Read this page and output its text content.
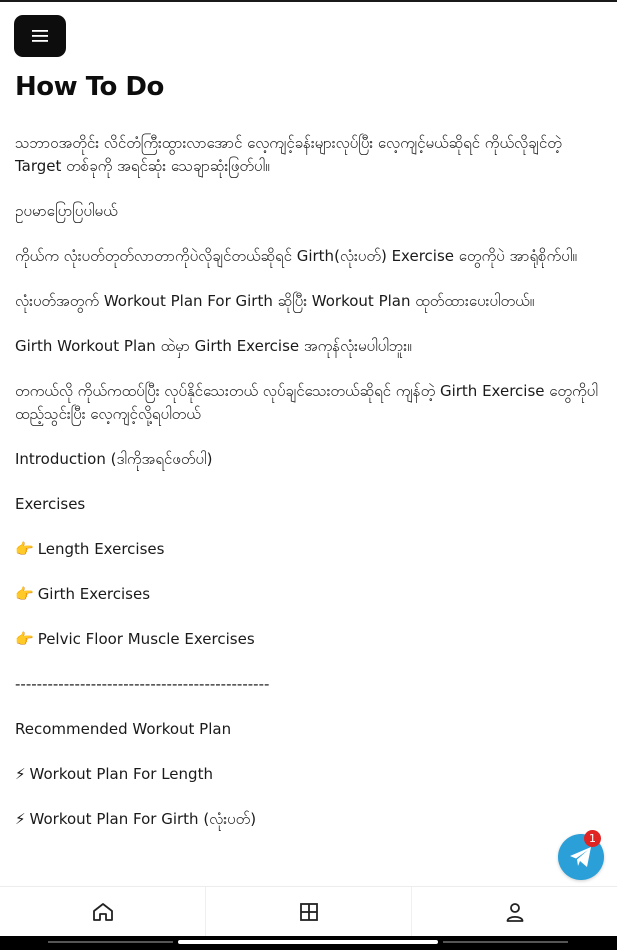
How To Do

သဘာဝအတိုင်း လိင်တံကြီးထွားလာအောင် လေ့ကျင့်ခန်းများလုပ်ပြီး လေ့ကျင့်မယ်ဆိုရင် ကိုယ်လိုချင်တဲ့ Target တစ်ခုကို အရင်ဆုံး သေချာဆုံးဖြတ်ပါ။

ဥပမာပြောပြပါမယ်

ကိုယ်က လုံးပတ်တုတ်လာတာကိုပဲလိုချင်တယ်ဆိုရင် Girth(လုံးပတ်) Exercise တွေကိုပဲ အာရုံစိုက်ပါ။

လုံးပတ်အတွက် Workout Plan For Girth ဆိုပြီး Workout Plan ထုတ်ထားပေးပါတယ်။

Girth Workout Plan ထဲမှာ Girth Exercise အကုန်လုံးမပါပါဘူး။

တကယ်လို ကိုယ်ကထပ်ပြီး လုပ်နိုင်သေးတယ် လုပ်ချင်သေးတယ်ဆိုရင် ကျန်တဲ့ Girth Exercise တွေကိုပါ ထည့်သွင်းပြီး လေ့ကျင့်လို့ရပါတယ်

Introduction (ဒါကိုအရင်ဖတ်ပါ)

Exercises

👉 Length Exercises

👉 Girth Exercises

👉 Pelvic Floor Muscle Exercises

-----------------------------------------------

Recommended Workout Plan

⚡ Workout Plan For Length

⚡ Workout Plan For Girth (လုံးပတ်)

1
